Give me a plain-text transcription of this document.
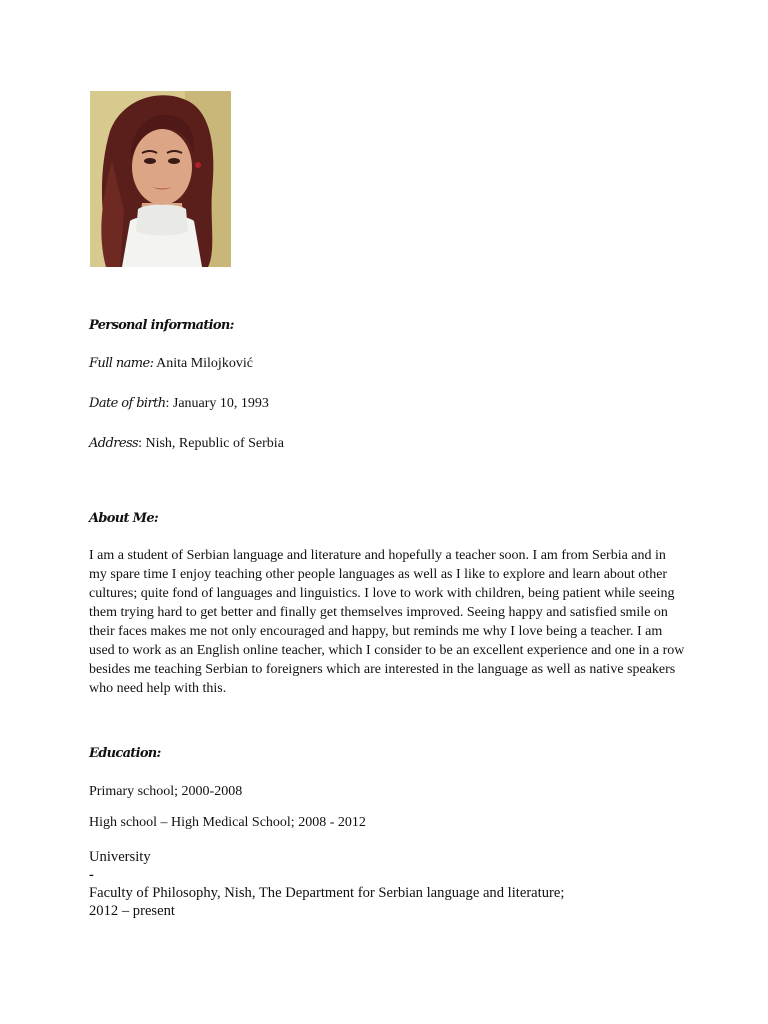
Personal information:

Full name: Anita Milojković

Date of birth: January 10, 1993

Address: Nish, Republic of Serbia

About Me:

I am a student of Serbian language and literature and hopefully a teacher soon. I am from Serbia and in
my spare time I enjoy teaching other people languages as well as I like to explore and learn about other
cultures; quite fond of languages and linguistics. I love to work with children, being patient while seeing
them trying hard to get better and finally get themselves improved. Seeing happy and satisfied smile on
their faces makes me not only encouraged and happy, but reminds me why I love being a teacher. I am
used to work as an English online teacher, which I consider to be an excellent experience and one in a row
besides me teaching Serbian to foreigners which are interested in the language as well as native speakers
who need help with this.

Education:

Primary school; 2000-2008

High school – High Medical School; 2008 - 2012

University
-
Faculty of Philosophy, Nish, The Department for Serbian language and literature;
2012 – present
